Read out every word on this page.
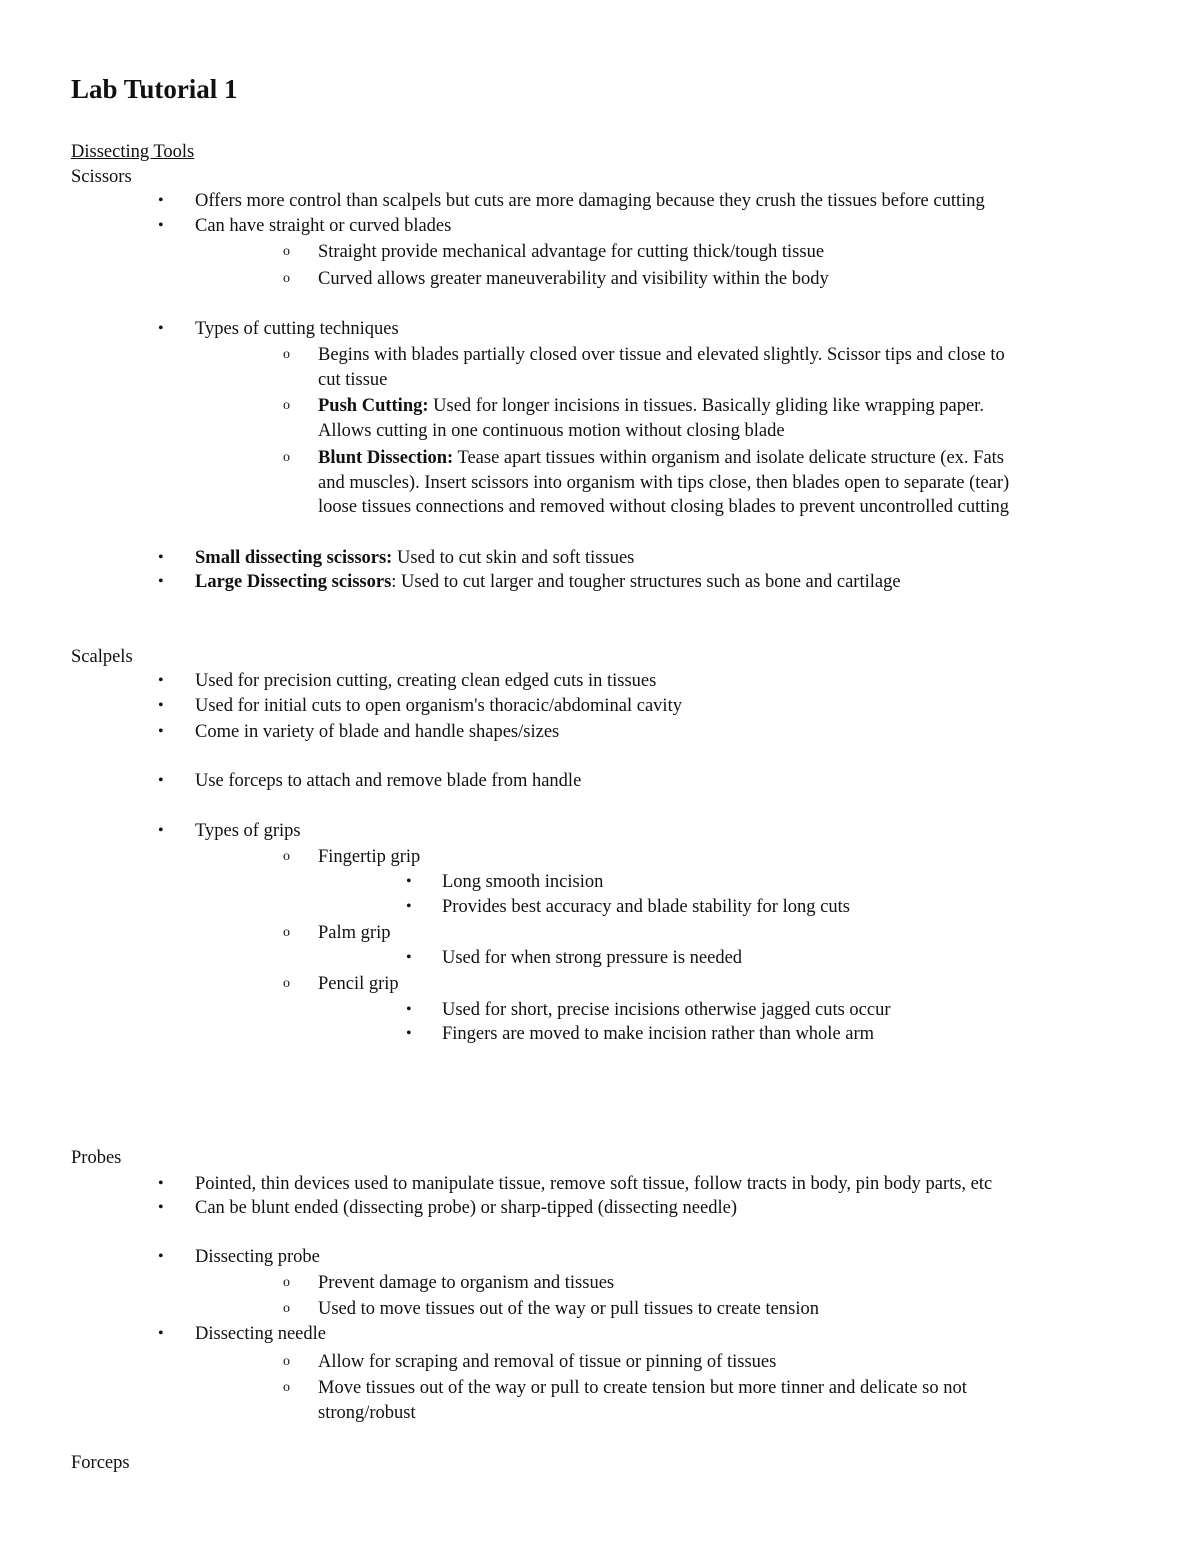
Lab Tutorial 1
Dissecting Tools
Scissors
• Offers more control than scalpels but cuts are more damaging because they crush the tissues before cutting
• Can have straight or curved blades
o Straight provide mechanical advantage for cutting thick/tough tissue
o Curved allows greater maneuverability and visibility within the body
• Types of cutting techniques
o Begins with blades partially closed over tissue and elevated slightly. Scissor tips and close to
cut tissue
o Push Cutting: Used for longer incisions in tissues. Basically gliding like wrapping paper.
Allows cutting in one continuous motion without closing blade
o Blunt Dissection: Tease apart tissues within organism and isolate delicate structure (ex. Fats
and muscles). Insert scissors into organism with tips close, then blades open to separate (tear)
loose tissues connections and removed without closing blades to prevent uncontrolled cutting
• Small dissecting scissors: Used to cut skin and soft tissues
• Large Dissecting scissors: Used to cut larger and tougher structures such as bone and cartilage
Scalpels
• Used for precision cutting, creating clean edged cuts in tissues
• Used for initial cuts to open organism's thoracic/abdominal cavity
• Come in variety of blade and handle shapes/sizes
• Use forceps to attach and remove blade from handle
• Types of grips
o Fingertip grip
• Long smooth incision
• Provides best accuracy and blade stability for long cuts
o Palm grip
• Used for when strong pressure is needed
o Pencil grip
• Used for short, precise incisions otherwise jagged cuts occur
• Fingers are moved to make incision rather than whole arm
Probes
• Pointed, thin devices used to manipulate tissue, remove soft tissue, follow tracts in body, pin body parts, etc
• Can be blunt ended (dissecting probe) or sharp-tipped (dissecting needle)
• Dissecting probe
o Prevent damage to organism and tissues
o Used to move tissues out of the way or pull tissues to create tension
• Dissecting needle
o Allow for scraping and removal of tissue or pinning of tissues
o Move tissues out of the way or pull to create tension but more tinner and delicate so not
strong/robust
Forceps
